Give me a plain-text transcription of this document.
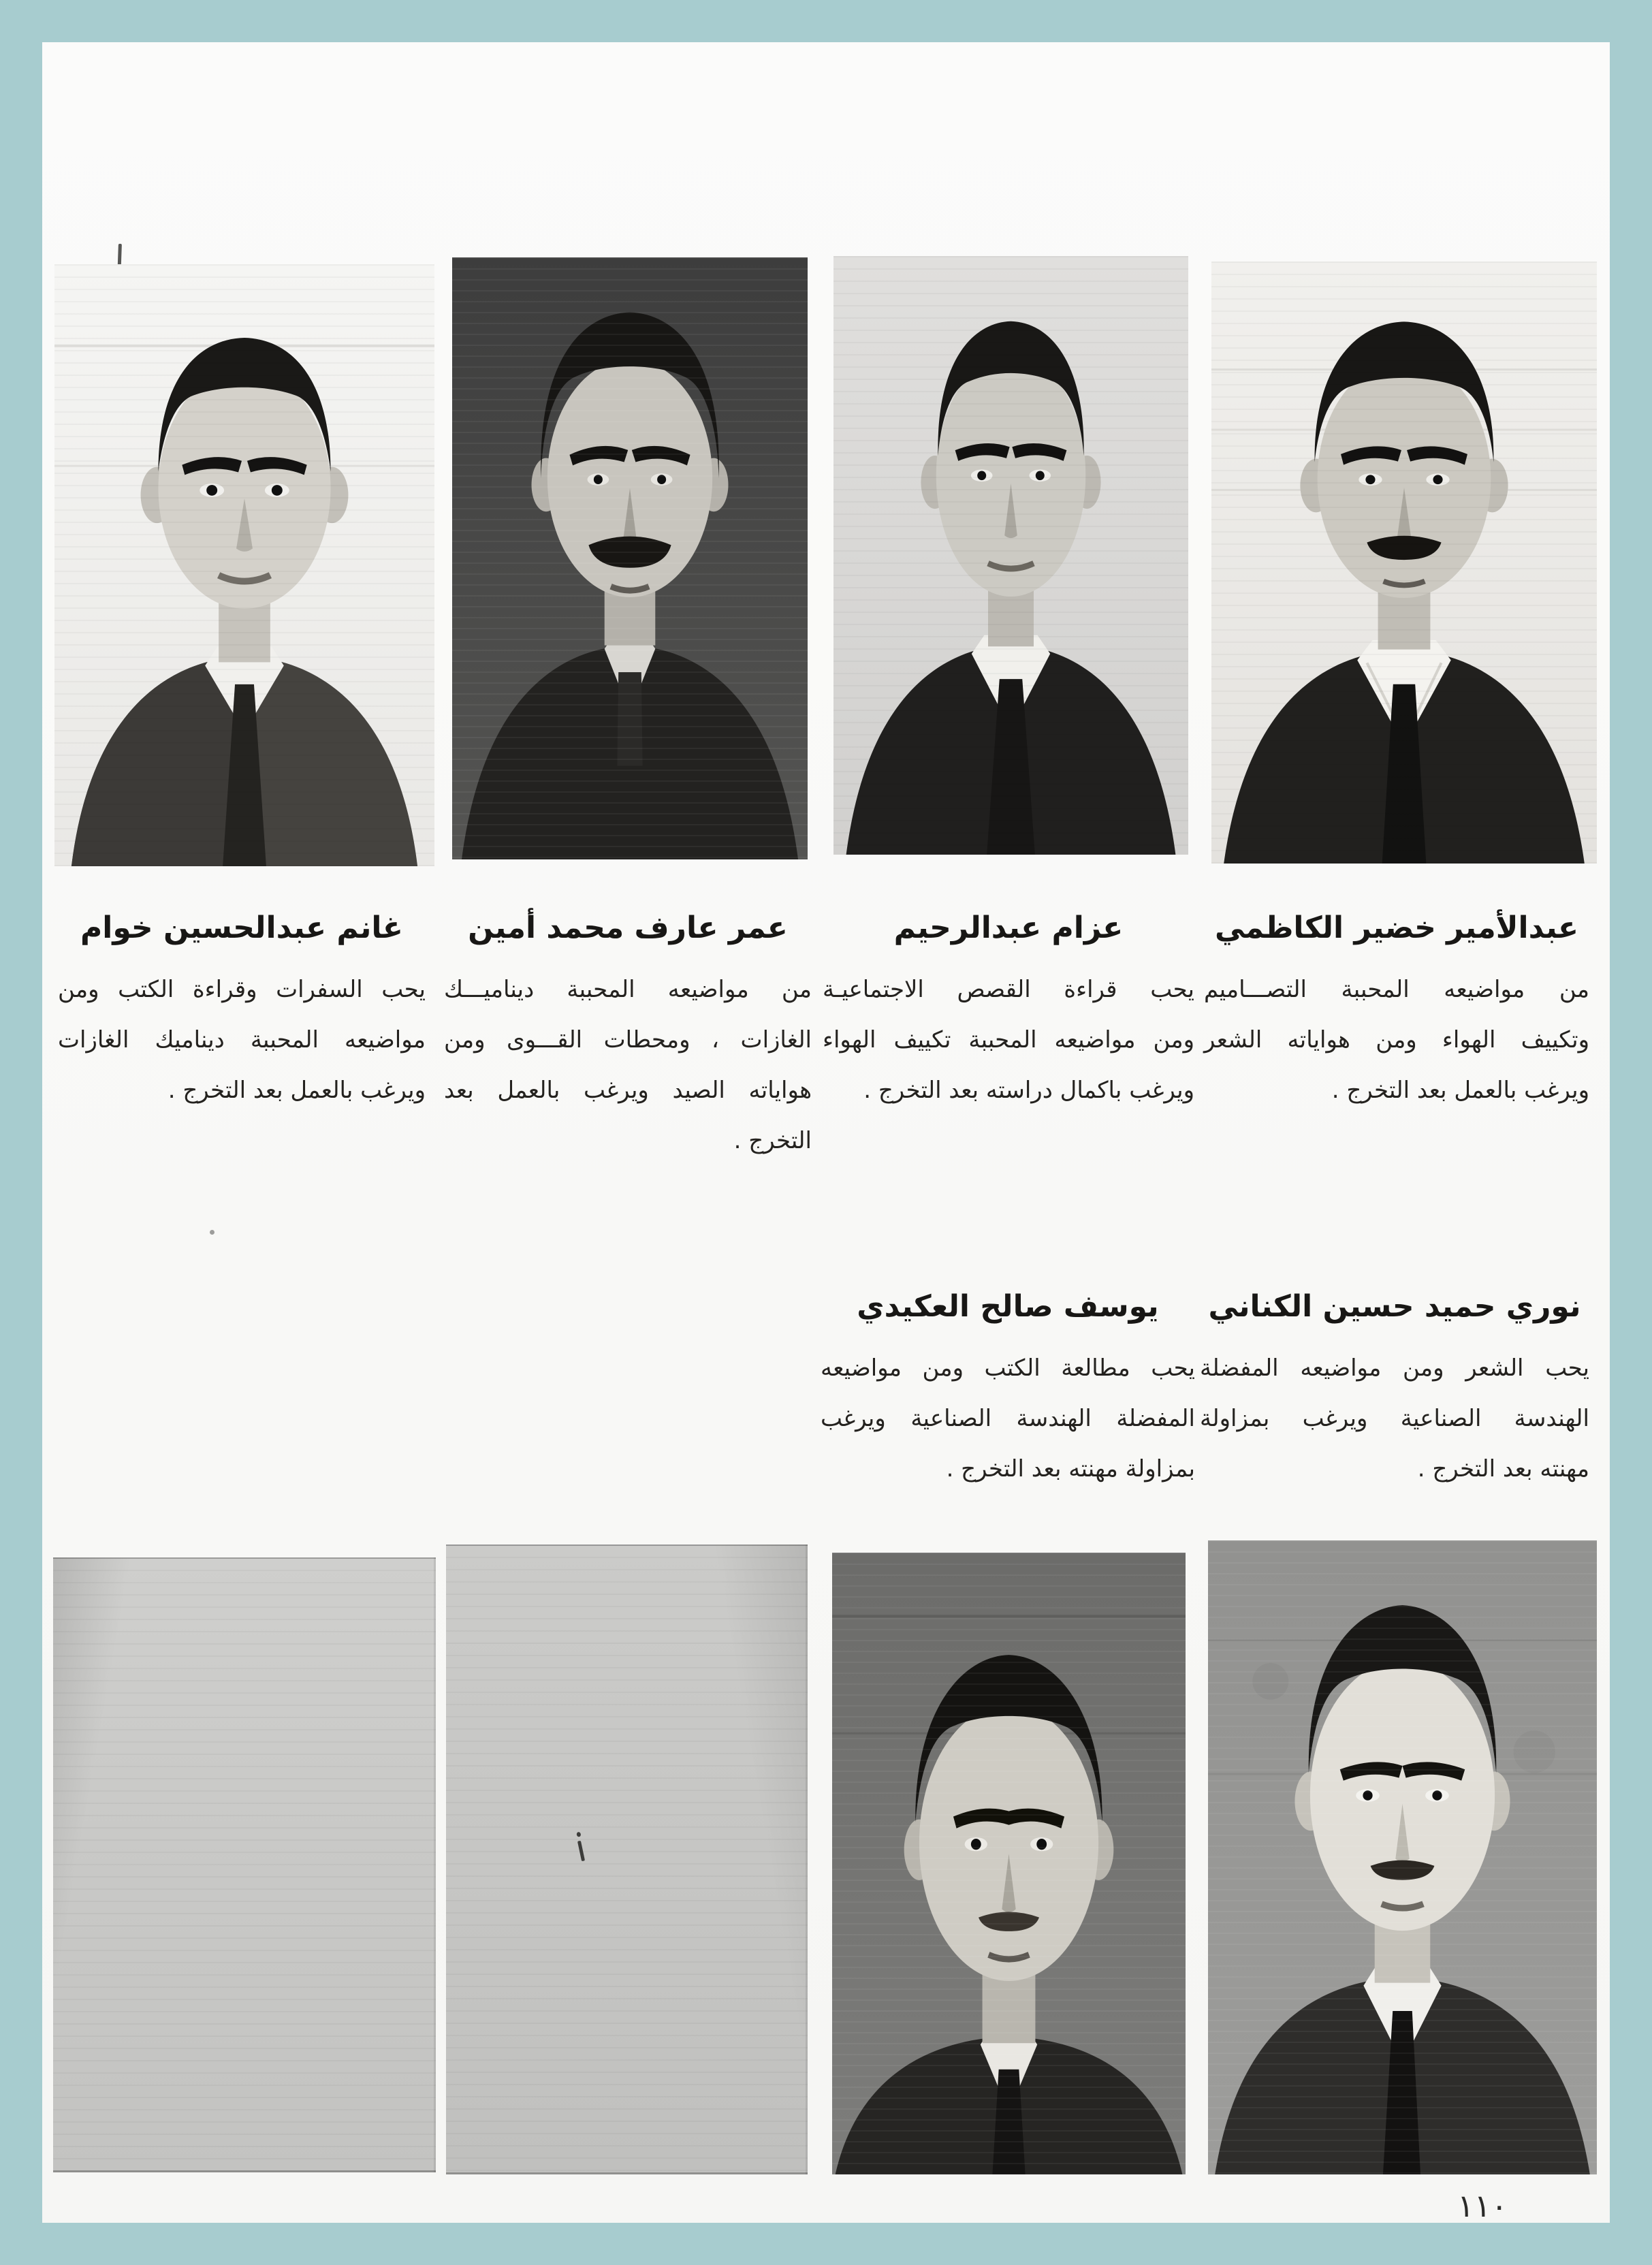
غانم عبدالحسين خوام
يحب السفرات وقراءة الكتب ومن
مواضيعه المحببة ديناميك الغازات
ويرغب بالعمل بعد التخرج .
عمر عارف محمد أمين
من مواضيعه المحببة ديناميـــك
الغازات ، ومحطات القـــوى ومن
هواياته الصيد ويرغب بالعمل بعد
التخرج .
عزام عبدالرحيم
يحب قراءة القصص الاجتماعيـة
ومن مواضيعه المحببة تكييف الهواء
ويرغب باكمال دراسته بعد التخرج .
عبدالأمير خضير الكاظمي
من مواضيعه المحببة التصـــاميم
وتكييف الهواء ومن هواياته الشعر
ويرغب بالعمل بعد التخرج .
يوسف صالح العكيدي
يحب مطالعة الكتب ومن مواضيعه
المفضلة الهندسة الصناعية ويرغب
بمزاولة مهنته بعد التخرج .
نوري حميد حسين الكناني
يحب الشعر ومن مواضيعه المفضلة
الهندسة الصناعية ويرغب بمزاولة
مهنته بعد التخرج .
١١٠
